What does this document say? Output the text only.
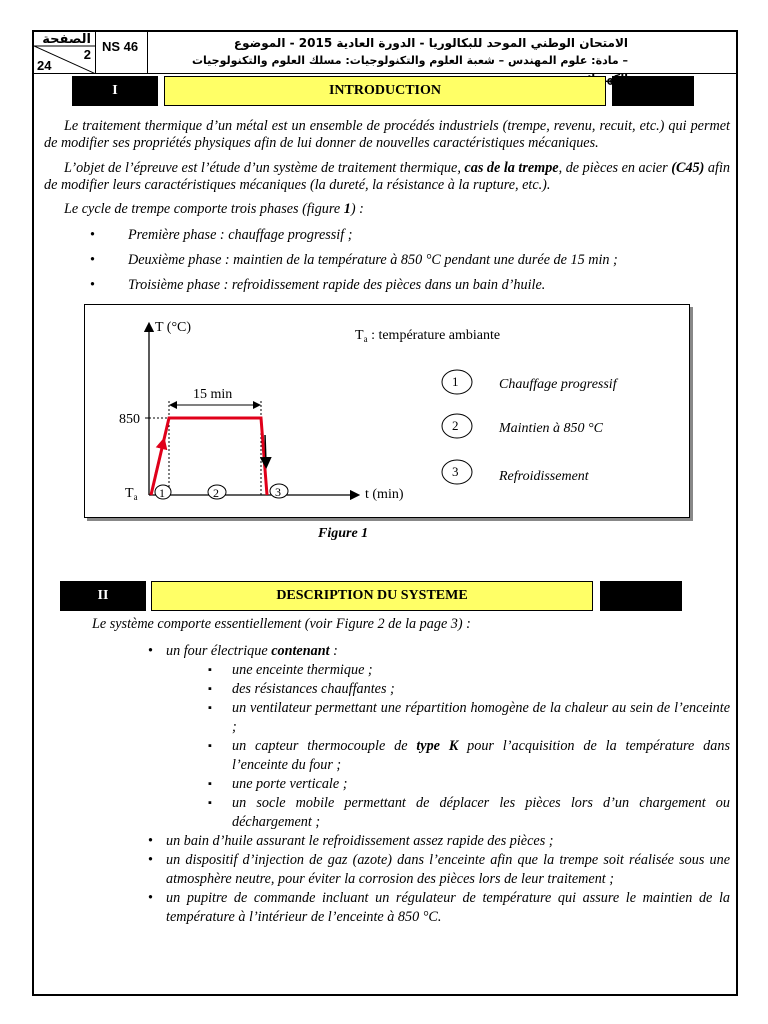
الصفحة
2
24
NS 46	الامتحان الوطني الموحد للبكالوريا - الدورة العادية 2015 - الموضوع
– مادة: علوم المهندس – شعبة العلوم والتكنولوجيات: مسلك العلوم والتكنولوجيات
I	INTRODUCTION
Le traitement thermique d’un métal est un ensemble de procédés industriels (trempe, revenu, recuit, etc.) qui permet de modifier ses propriétés physiques afin de lui donner de nouvelles caractéristiques mécaniques.
L’objet de l’épreuve est l’étude d’un système de traitement thermique, cas de la trempe, de pièces en acier (C45) afin de modifier leurs caractéristiques mécaniques (la dureté, la résistance à la rupture, etc.).
Le cycle de trempe comporte trois phases (figure 1) :
• Première phase : chauffage progressif ;
• Deuxième phase : maintien de la température à 850 °C pendant une durée de 15 min ;
• Troisième phase : refroidissement rapide des pièces dans un bain d’huile.
T (°C)
t (min)
850
$T_a$
15 min
1	2	3
$T_a$ : température ambiante
1	Chauffage progressif
2	Maintien à 850 °C
3	Refroidissement
Figure 1
II	DESCRIPTION DU SYSTEME
Le système comporte essentiellement (voir Figure 2 de la page 3) :
• un four électrique contenant :
▪ une enceinte thermique ;
▪ des résistances chauffantes ;
▪ un ventilateur permettant une répartition homogène de la chaleur au sein de l’enceinte ;
▪ un capteur thermocouple de type K pour l’acquisition de la température dans l’enceinte du four ;
▪ une porte verticale ;
▪ un socle mobile permettant de déplacer les pièces lors d’un chargement ou déchargement ;
• un bain d’huile assurant le refroidissement assez rapide des pièces ;
• un dispositif d’injection de gaz (azote) dans l’enceinte afin que la trempe soit réalisée sous une atmosphère neutre, pour éviter la corrosion des pièces lors de leur traitement ;
• un pupitre de commande incluant un régulateur de température qui assure le maintien de la température à l’intérieur de l’enceinte à 850 °C.
